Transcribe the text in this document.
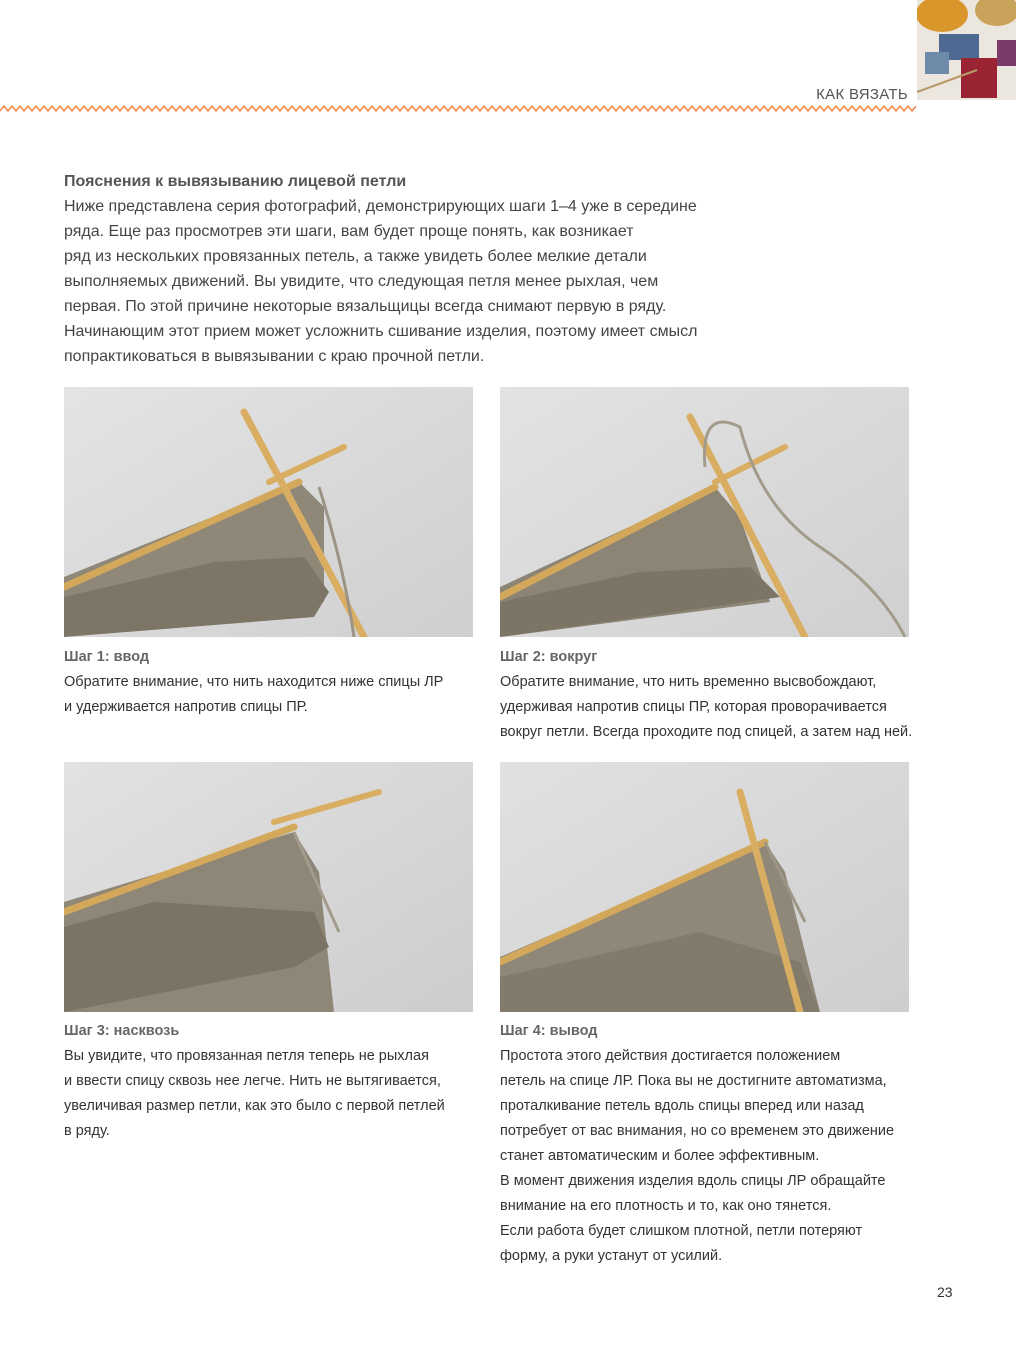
КАК ВЯЗАТЬ
Пояснения к вывязыванию лицевой петли

Ниже представлена серия фотографий, демонстрирующих шаги 1–4 уже в середине
ряда. Еще раз просмотрев эти шаги, вам будет проще понять, как возникает
ряд из нескольких провязанных петель, а также увидеть более мелкие детали
выполняемых движений. Вы увидите, что следующая петля менее рыхлая, чем
первая. По этой причине некоторые вязальщицы всегда снимают первую в ряду.
Начинающим этот прием может усложнить сшивание изделия, поэтому имеет смысл
попрактиковаться в вывязывании с краю прочной петли.

Шаг 1: ввод
Обратите внимание, что нить находится ниже спицы ЛР
и удерживается напротив спицы ПР.
Шаг 2: вокруг
Обратите внимание, что нить временно высвобождают,
удерживая напротив спицы ПР, которая проворачивается
вокруг петли. Всегда проходите под спицей, а затем над ней.
Шаг 3: насквозь
Вы увидите, что провязанная петля теперь не рыхлая
и ввести спицу сквозь нее легче. Нить не вытягивается,
увеличивая размер петли, как это было с первой петлей
в ряду.
Шаг 4: вывод
Простота этого действия достигается положением
петель на спице ЛР. Пока вы не достигните автоматизма,
проталкивание петель вдоль спицы вперед или назад
потребует от вас внимания, но со временем это движение
станет автоматическим и более эффективным.
В момент движения изделия вдоль спицы ЛР обращайте
внимание на его плотность и то, как оно тянется.
Если работа будет слишком плотной, петли потеряют
форму, а руки устанут от усилий.
23
